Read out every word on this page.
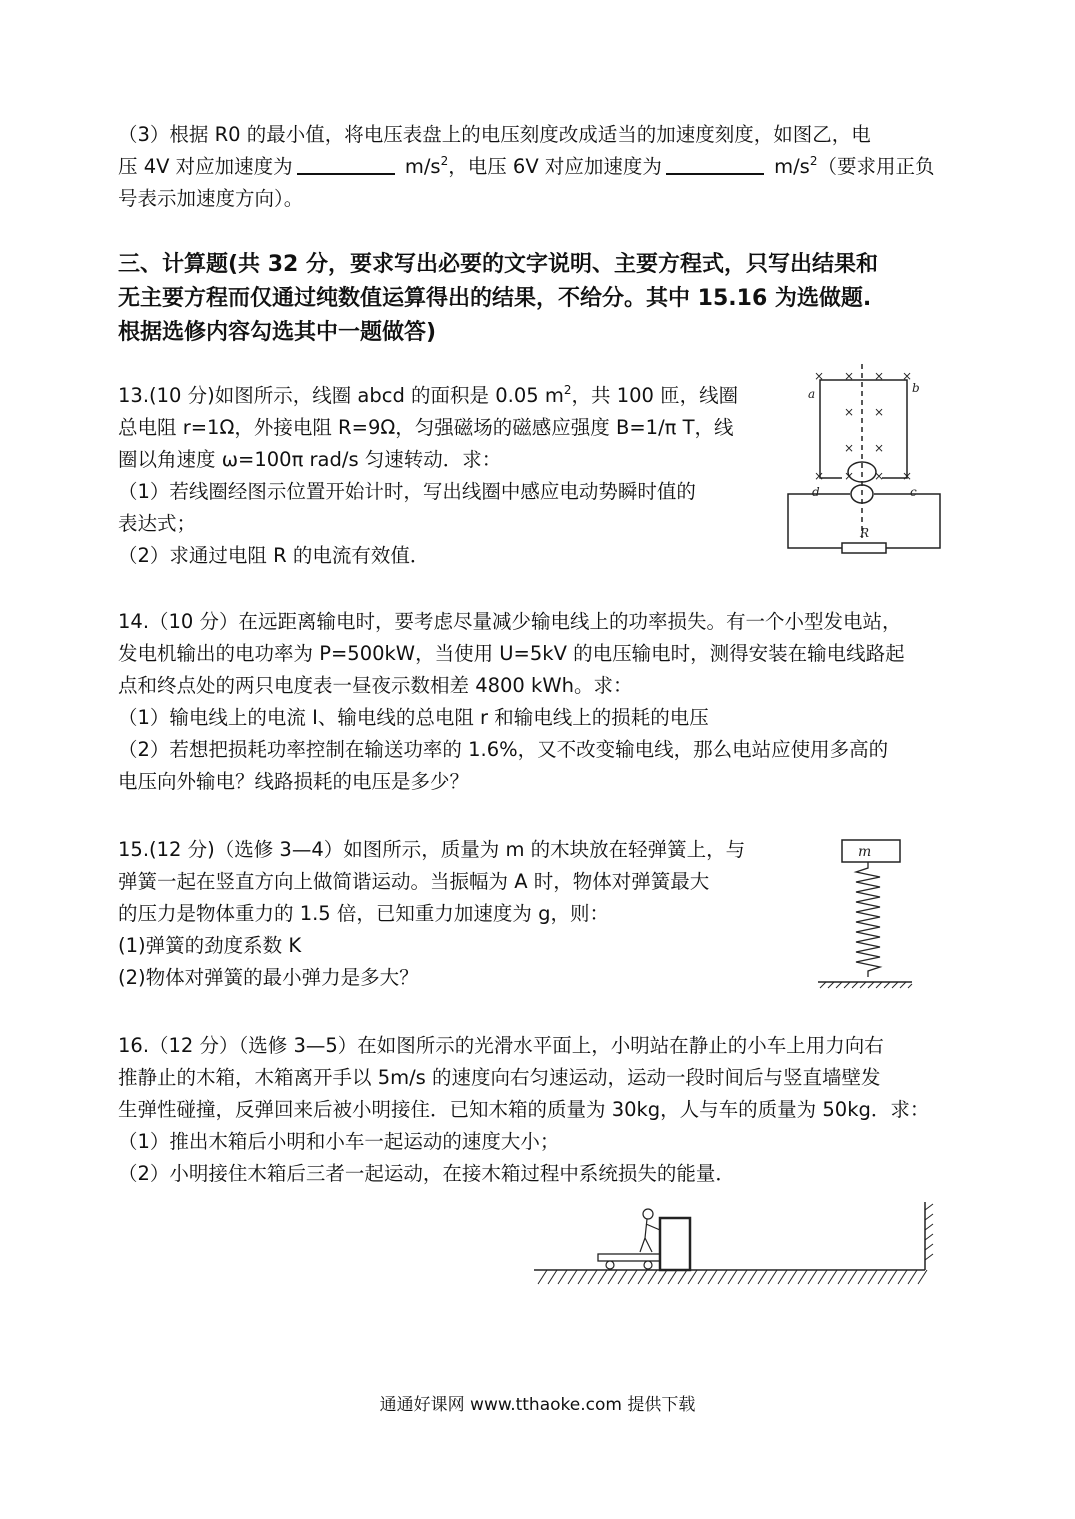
（3）根据 R0 的最小值，将电压表盘上的电压刻度改成适当的加速度刻度，如图乙，电
压 4V 对应加速度为	$m/s^2$，电压 6V 对应加速度为	$m/s^2$（要求用正负
号表示加速度方向）。
三、计算题(共 32 分，要求写出必要的文字说明、主要方程式，只写出结果和
无主要方程而仅通过纯数值运算得出的结果，不给分。其中 15.16 为选做题.
根据选修内容勾选其中一题做答)
13.(10 分)如图所示，线圈 abcd 的面积是 0.05 $m^2$，共 100 匝，线圈
总电阻 r=1Ω，外接电阻 R=9Ω，匀强磁场的磁感应强度 B=1/π T，线
圈以角速度 ω=100π rad/s 匀速转动．求：
（1）若线圈经图示位置开始计时，写出线圈中感应电动势瞬时值的
表达式；
（2）求通过电阻 R 的电流有效值．
× × × ×
× ×
× ×
× × × ×
a	b
c
d
R
14.（10 分）在远距离输电时，要考虑尽量减少输电线上的功率损失。有一个小型发电站，
发电机输出的电功率为 P=500kW，当使用 U=5kV 的电压输电时，测得安装在输电线路起
点和终点处的两只电度表一昼夜示数相差 4800 kWh。求：
（1）输电线上的电流 I、输电线的总电阻 r 和输电线上的损耗的电压
（2）若想把损耗功率控制在输送功率的 1.6%，又不改变输电线，那么电站应使用多高的
电压向外输电？线路损耗的电压是多少？
15.(12 分)（选修 3—4）如图所示，质量为 m 的木块放在轻弹簧上，与
弹簧一起在竖直方向上做简谐运动。当振幅为 A 时，物体对弹簧最大
的压力是物体重力的 1.5 倍，已知重力加速度为 g，则：
(1)弹簧的劲度系数 K
(2)物体对弹簧的最小弹力是多大？
m
16.（12 分）（选修 3—5）在如图所示的光滑水平面上，小明站在静止的小车上用力向右
推静止的木箱，木箱离开手以 5m/s 的速度向右匀速运动，运动一段时间后与竖直墙壁发
生弹性碰撞，反弹回来后被小明接住．已知木箱的质量为 30kg，人与车的质量为 50kg．求：
（1）推出木箱后小明和小车一起运动的速度大小；
（2）小明接住木箱后三者一起运动，在接木箱过程中系统损失的能量．
通通好课网 www.tthaoke.com 提供下载
